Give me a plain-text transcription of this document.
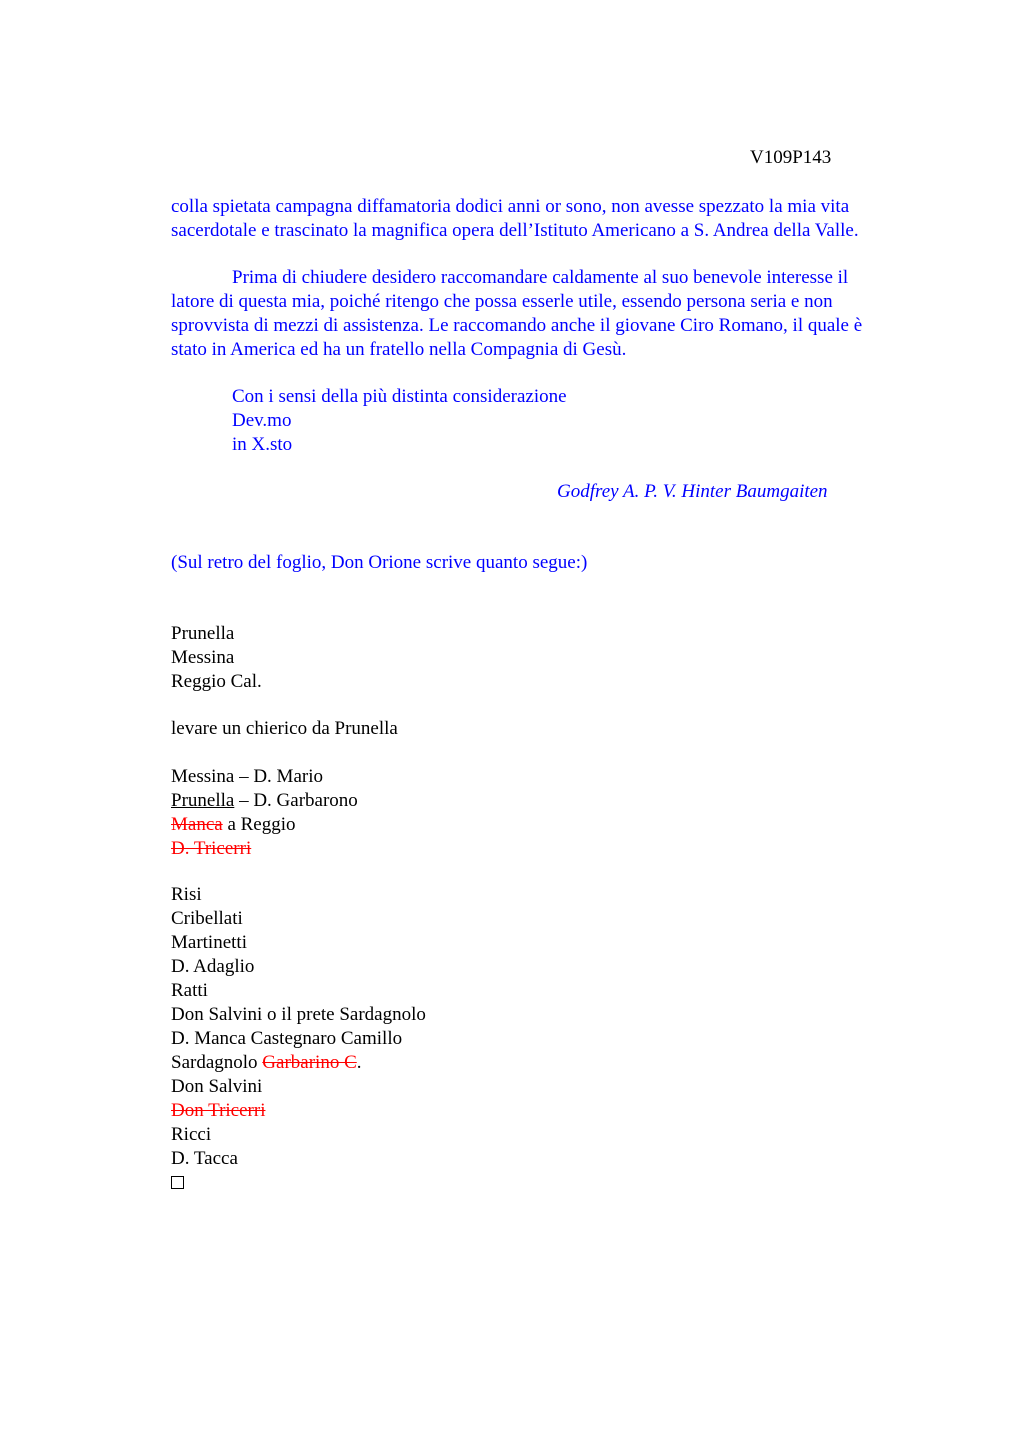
V109P143
colla spietata campagna diffamatoria dodici anni or sono, non avesse spezzato la mia vita
sacerdotale e trascinato la magnifica opera dell’Istituto Americano a S. Andrea della Valle.
Prima di chiudere desidero raccomandare caldamente al suo benevole interesse il
latore di questa mia, poiché ritengo che possa esserle utile, essendo persona seria e non
sprovvista di mezzi di assistenza. Le raccomando anche il giovane Ciro Romano, il quale è
stato in America ed ha un fratello nella Compagnia di Gesù.
Con i sensi della più distinta considerazione
Dev.mo
in X.sto
Godfrey A. P. V. Hinter Baumgaiten
(Sul retro del foglio, Don Orione scrive quanto segue:)
Prunella
Messina
Reggio Cal.
levare un chierico da Prunella
Messina – D. Mario
Prunella – D. Garbarono
Manca a Reggio
D. Tricerri
Risi
Cribellati
Martinetti
D. Adaglio
Ratti
Don Salvini o il prete Sardagnolo
D. Manca Castegnaro Camillo
Sardagnolo Garbarino C.
Don Salvini
Don Tricerri
Ricci
D. Tacca
